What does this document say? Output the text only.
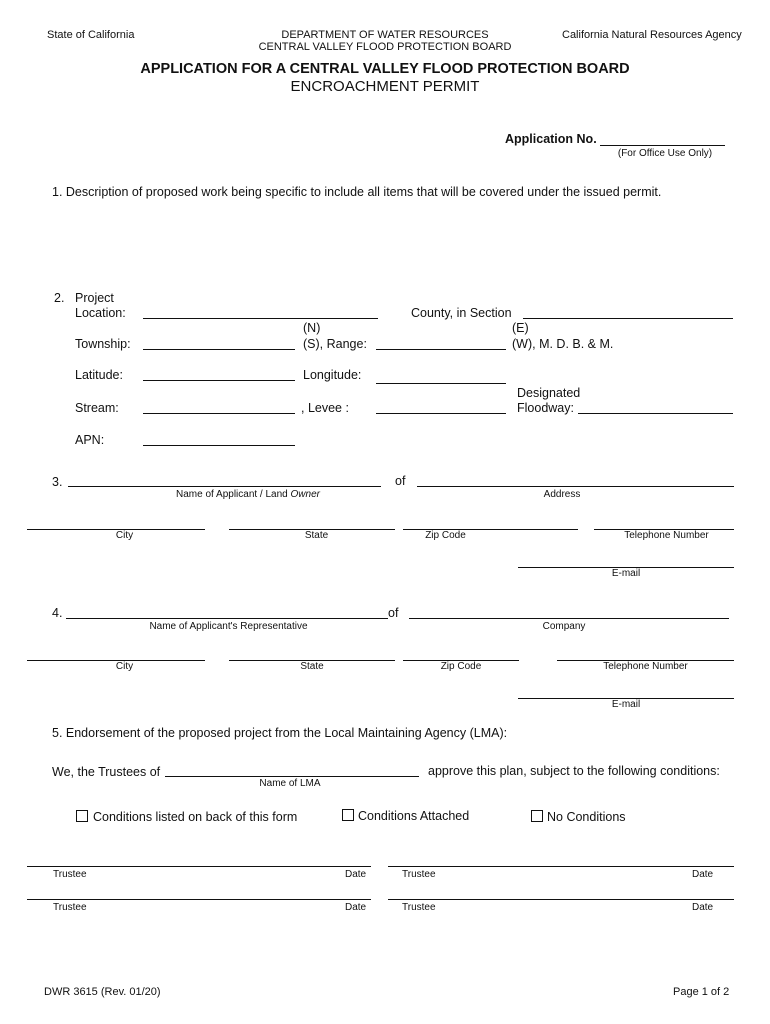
State of California	DEPARTMENT OF WATER RESOURCES
CENTRAL VALLEY FLOOD PROTECTION BOARD
California Natural Resources Agency
APPLICATION FOR A CENTRAL VALLEY FLOOD PROTECTION BOARD
ENCROACHMENT PERMIT
Application No.
(For Office Use Only)
1. Description of proposed work being specific to include all items that will be covered under the issued permit.
2. Project
Location:	County, in Section
(N)	(E)
Township:	(S), Range:	(W), M. D. B. & M.
Latitude:	Longitude:
Designated
Stream:	, Levee :	Floodway:
APN:
3.	of
Name of Applicant / Land Owner	Address
City	State	Zip Code	Telephone Number
E-mail
4.	of
Name of Applicant's Representative	Company
City	State	Zip Code	Telephone Number
E-mail
5. Endorsement of the proposed project from the Local Maintaining Agency (LMA):
We, the Trustees of	approve this plan, subject to the following conditions:
Name of LMA
Conditions listed on back of this form	Conditions Attached	No Conditions
Trustee	Date	Trustee	Date
Trustee	Date	Trustee	Date
DWR 3615 (Rev. 01/20)	Page 1 of 2
